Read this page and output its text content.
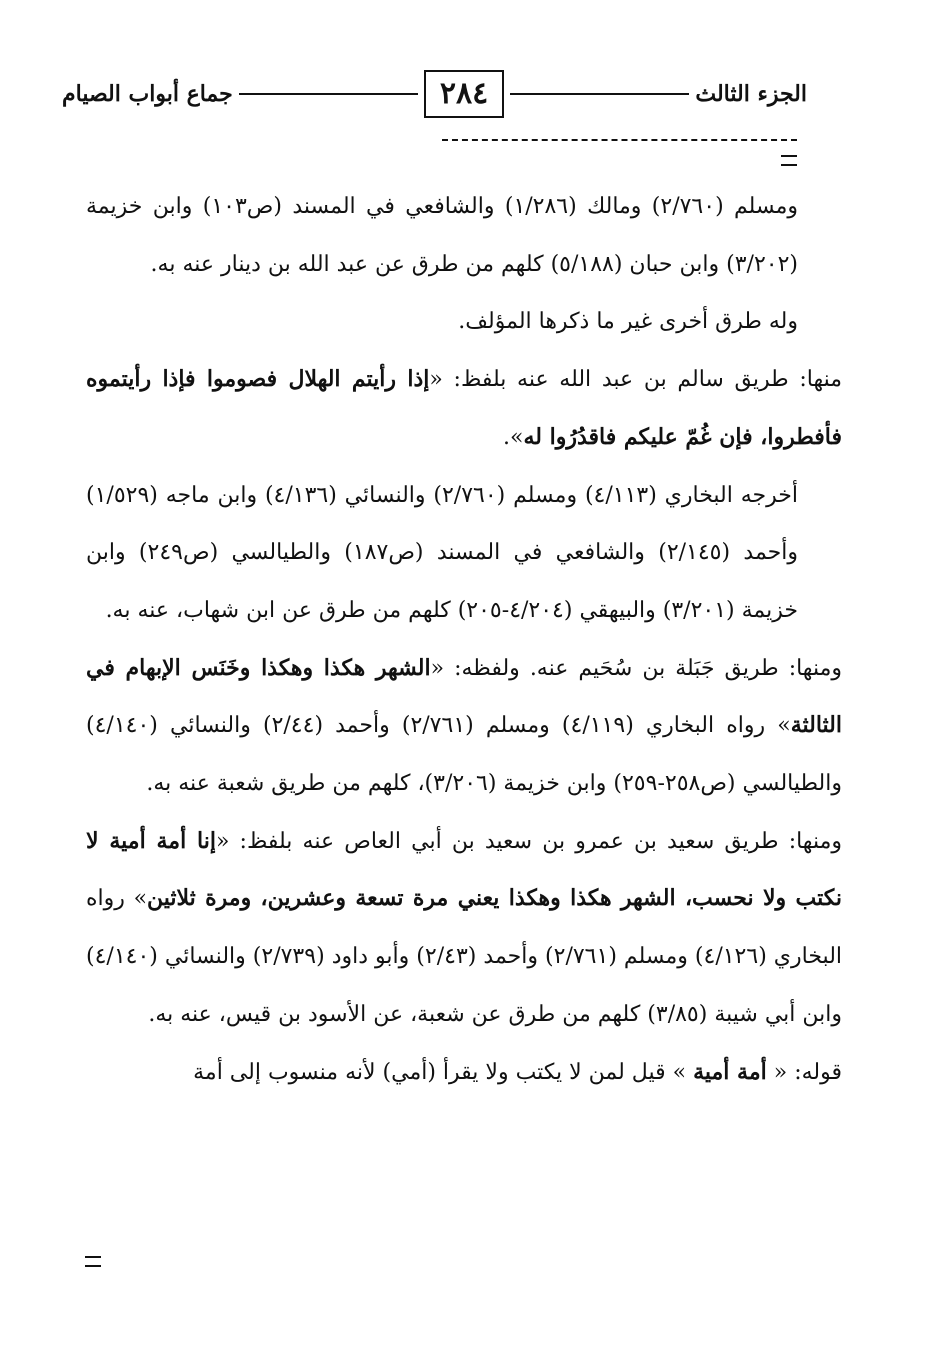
الجزء الثالث
٢٨٤
جماع أبواب الصيام

ومسلم (٢/٧٦٠) ومالك (١/٢٨٦) والشافعي في المسند (ص١٠٣) وابن خزيمة (٣/٢٠٢) وابن حبان (٥/١٨٨) كلهم من طرق عن عبد الله بن دينار عنه به.

وله طرق أخرى غير ما ذكرها المؤلف.

منها: طريق سالم بن عبد الله عنه بلفظ: «إذا رأيتم الهلال فصوموا فإذا رأيتموه فأفطروا، فإن غُمّ عليكم فاقدُرُوا له».

أخرجه البخاري (٤/١١٣) ومسلم (٢/٧٦٠) والنسائي (٤/١٣٦) وابن ماجه (١/٥٢٩) وأحمد (٢/١٤٥) والشافعي في المسند (ص١٨٧) والطيالسي (ص٢٤٩) وابن خزيمة (٣/٢٠١) والبيهقي (٤/٢٠٤-٢٠٥) كلهم من طرق عن ابن شهاب، عنه به.

ومنها: طريق جَبَلة بن سُحَيم عنه. ولفظه: «الشهر هكذا وهكذا وخَنَس الإبهام في الثالثة» رواه البخاري (٤/١١٩) ومسلم (٢/٧٦١) وأحمد (٢/٤٤) والنسائي (٤/١٤٠) والطيالسي (ص٢٥٨-٢٥٩) وابن خزيمة (٣/٢٠٦)، كلهم من طريق شعبة عنه به.

ومنها: طريق سعيد بن عمرو بن سعيد بن أبي العاص عنه بلفظ: «إنا أمة أمية لا نكتب ولا نحسب، الشهر هكذا وهكذا يعني مرة تسعة وعشرين، ومرة ثلاثين» رواه البخاري (٤/١٢٦) ومسلم (٢/٧٦١) وأحمد (٢/٤٣) وأبو داود (٢/٧٣٩) والنسائي (٤/١٤٠) وابن أبي شيبة (٣/٨٥) كلهم من طرق عن شعبة، عن الأسود بن قيس، عنه به.

قوله: « أمة أمية » قيل لمن لا يكتب ولا يقرأ (أمي) لأنه منسوب إلى أمة
